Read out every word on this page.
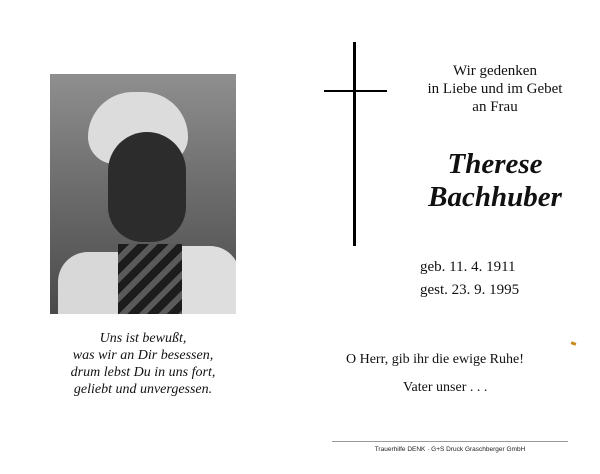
Wir gedenken
in Liebe und im Gebet
an Frau
Therese
Bachhuber
geb. 11. 4. 1911
gest. 23. 9. 1995
Uns ist bewußt,
was wir an Dir besessen,
drum lebst Du in uns fort,
geliebt und unvergessen.
O Herr, gib ihr die ewige Ruhe!
Vater unser . . .
Trauerhilfe DENK · G+S Druck Graschberger GmbH
